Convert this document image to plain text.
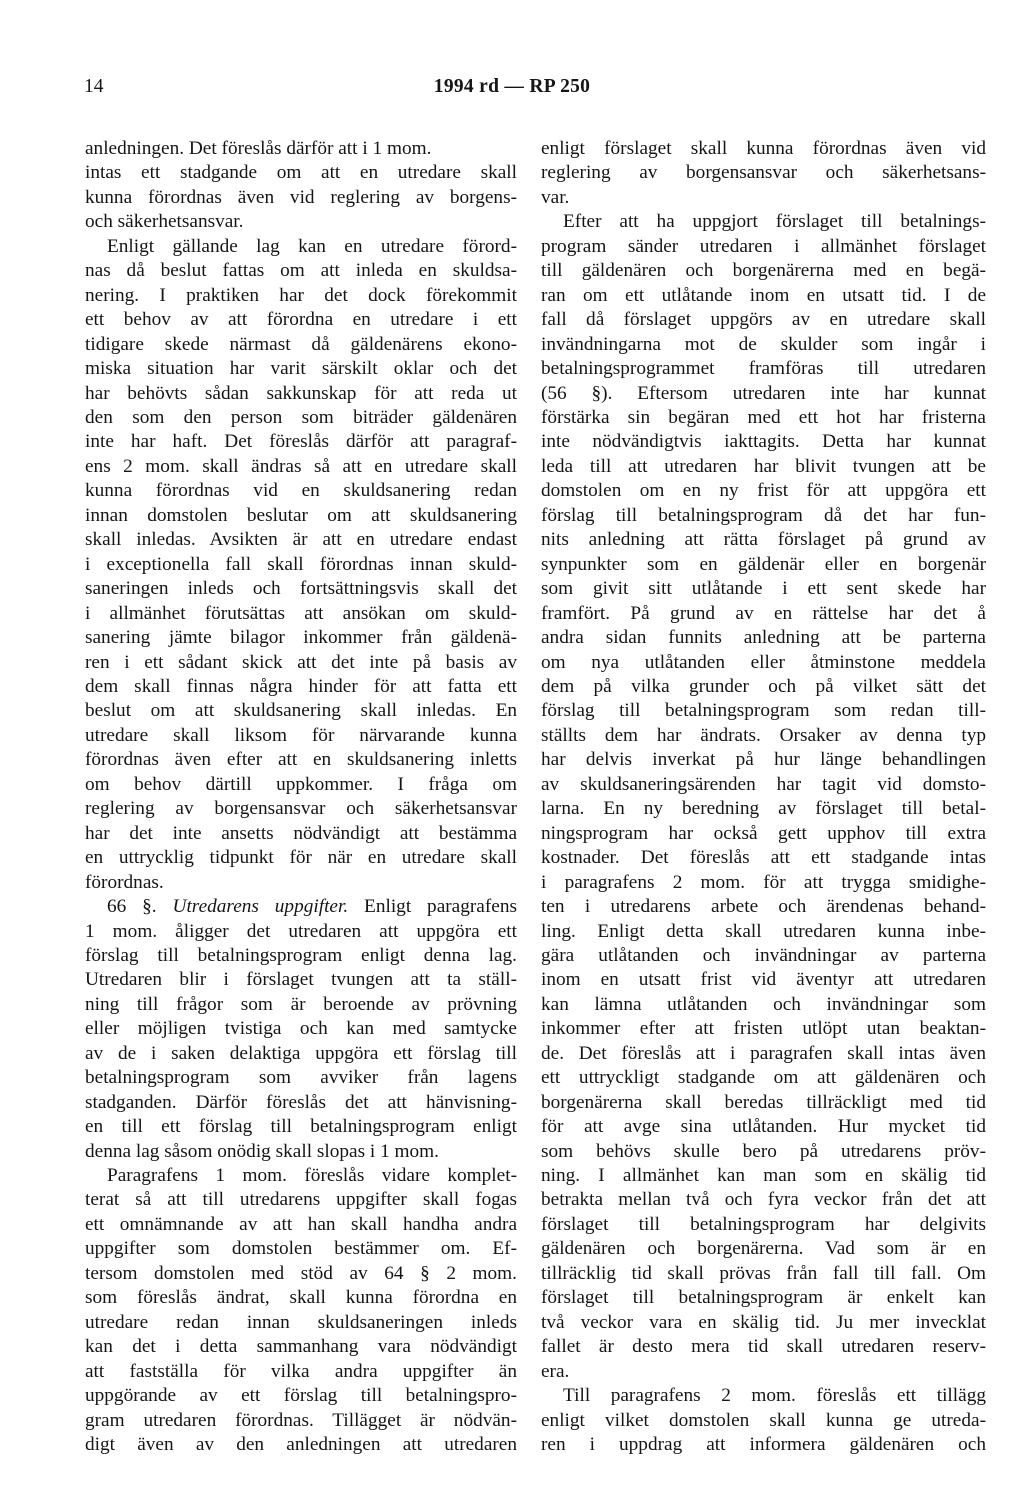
14	1994 rd — RP 250
anledningen. Det föreslås därför att i 1 mom.
intas ett stadgande om att en utredare skall
kunna förordnas även vid reglering av borgens-
och säkerhetsansvar.
Enligt gällande lag kan en utredare förord-
nas då beslut fattas om att inleda en skuldsa-
nering. I praktiken har det dock förekommit
ett behov av att förordna en utredare i ett
tidigare skede närmast då gäldenärens ekono-
miska situation har varit särskilt oklar och det
har behövts sådan sakkunskap för att reda ut
den som den person som biträder gäldenären
inte har haft. Det föreslås därför att paragraf-
ens 2 mom. skall ändras så att en utredare skall
kunna förordnas vid en skuldsanering redan
innan domstolen beslutar om att skuldsanering
skall inledas. Avsikten är att en utredare endast
i exceptionella fall skall förordnas innan skuld-
saneringen inleds och fortsättningsvis skall det
i allmänhet förutsättas att ansökan om skuld-
sanering jämte bilagor inkommer från gäldenä-
ren i ett sådant skick att det inte på basis av
dem skall finnas några hinder för att fatta ett
beslut om att skuldsanering skall inledas. En
utredare skall liksom för närvarande kunna
förordnas även efter att en skuldsanering inletts
om behov därtill uppkommer. I fråga om
reglering av borgensansvar och säkerhetsansvar
har det inte ansetts nödvändigt att bestämma
en uttrycklig tidpunkt för när en utredare skall
förordnas.
66 §. Utredarens uppgifter. Enligt paragrafens
1 mom. åligger det utredaren att uppgöra ett
förslag till betalningsprogram enligt denna lag.
Utredaren blir i förslaget tvungen att ta ställ-
ning till frågor som är beroende av prövning
eller möjligen tvistiga och kan med samtycke
av de i saken delaktiga uppgöra ett förslag till
betalningsprogram som avviker från lagens
stadganden. Därför föreslås det att hänvisning-
en till ett förslag till betalningsprogram enligt
denna lag såsom onödig skall slopas i 1 mom.
Paragrafens 1 mom. föreslås vidare komplet-
terat så att till utredarens uppgifter skall fogas
ett omnämnande av att han skall handha andra
uppgifter som domstolen bestämmer om. Ef-
tersom domstolen med stöd av 64 § 2 mom.
som föreslås ändrat, skall kunna förordna en
utredare redan innan skuldsaneringen inleds
kan det i detta sammanhang vara nödvändigt
att fastställa för vilka andra uppgifter än
uppgörande av ett förslag till betalningspro-
gram utredaren förordnas. Tillägget är nödvän-
digt även av den anledningen att utredaren
enligt förslaget skall kunna förordnas även vid
reglering av borgensansvar och säkerhetsans-
var.
Efter att ha uppgjort förslaget till betalnings-
program sänder utredaren i allmänhet förslaget
till gäldenären och borgenärerna med en begä-
ran om ett utlåtande inom en utsatt tid. I de
fall då förslaget uppgörs av en utredare skall
invändningarna mot de skulder som ingår i
betalningsprogrammet framföras till utredaren
(56 §). Eftersom utredaren inte har kunnat
förstärka sin begäran med ett hot har fristerna
inte nödvändigtvis iakttagits. Detta har kunnat
leda till att utredaren har blivit tvungen att be
domstolen om en ny frist för att uppgöra ett
förslag till betalningsprogram då det har fun-
nits anledning att rätta förslaget på grund av
synpunkter som en gäldenär eller en borgenär
som givit sitt utlåtande i ett sent skede har
framfört. På grund av en rättelse har det å
andra sidan funnits anledning att be parterna
om nya utlåtanden eller åtminstone meddela
dem på vilka grunder och på vilket sätt det
förslag till betalningsprogram som redan till-
ställts dem har ändrats. Orsaker av denna typ
har delvis inverkat på hur länge behandlingen
av skuldsaneringsärenden har tagit vid domsto-
larna. En ny beredning av förslaget till betal-
ningsprogram har också gett upphov till extra
kostnader. Det föreslås att ett stadgande intas
i paragrafens 2 mom. för att trygga smidighe-
ten i utredarens arbete och ärendenas behand-
ling. Enligt detta skall utredaren kunna inbe-
gära utlåtanden och invändningar av parterna
inom en utsatt frist vid äventyr att utredaren
kan lämna utlåtanden och invändningar som
inkommer efter att fristen utlöpt utan beaktan-
de. Det föreslås att i paragrafen skall intas även
ett uttryckligt stadgande om att gäldenären och
borgenärerna skall beredas tillräckligt med tid
för att avge sina utlåtanden. Hur mycket tid
som behövs skulle bero på utredarens pröv-
ning. I allmänhet kan man som en skälig tid
betrakta mellan två och fyra veckor från det att
förslaget till betalningsprogram har delgivits
gäldenären och borgenärerna. Vad som är en
tillräcklig tid skall prövas från fall till fall. Om
förslaget till betalningsprogram är enkelt kan
två veckor vara en skälig tid. Ju mer invecklat
fallet är desto mera tid skall utredaren reserv-
era.
Till paragrafens 2 mom. föreslås ett tillägg
enligt vilket domstolen skall kunna ge utreda-
ren i uppdrag att informera gäldenären och
